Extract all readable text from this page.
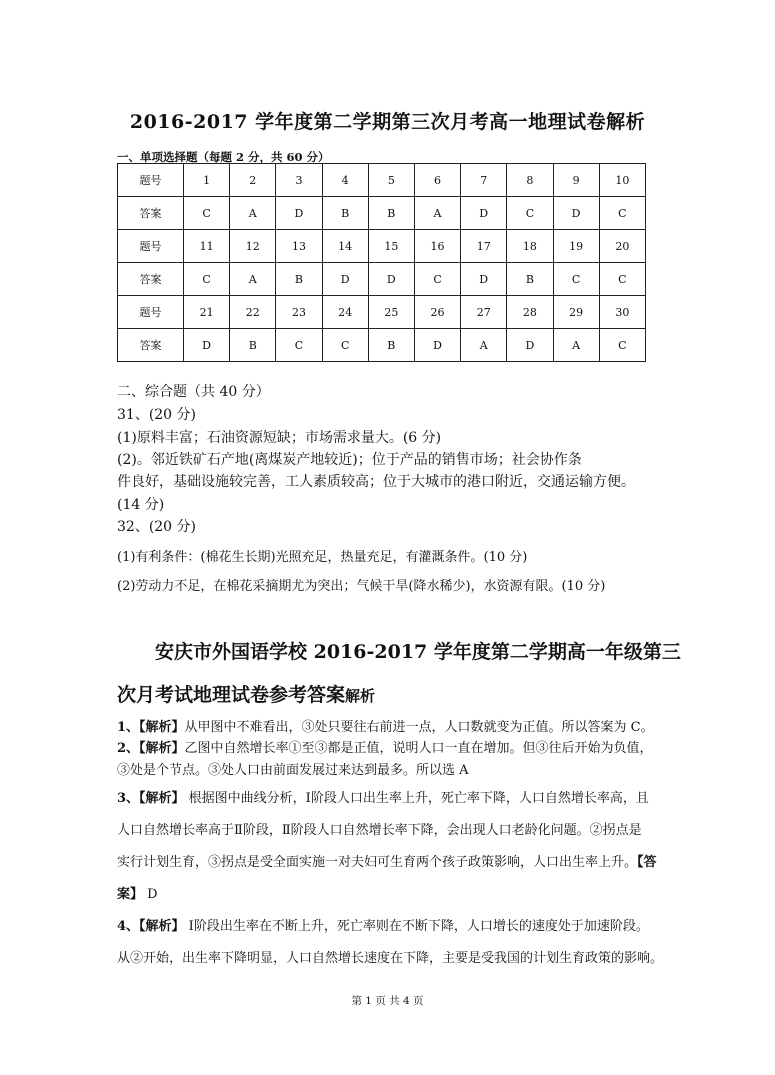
2016-2017 学年度第二学期第三次月考高一地理试卷解析
一、单项选择题（每题 2 分，共 60 分）
题号	1	2	3	4	5	6	7	8	9	10
答案	C	A	D	B	B	A	D	C	D	C
题号	11	12	13	14	15	16	17	18	19	20
答案	C	A	B	D	D	C	D	B	C	C
题号	21	22	23	24	25	26	27	28	29	30
答案	D	B	C	C	B	D	A	D	A	C
二、综合题（共 40 分）
31、(20 分)
(1)原料丰富；石油资源短缺；市场需求量大。(6 分)
(2)。邻近铁矿石产地(离煤炭产地较近)；位于产品的销售市场；社会协作条
件良好，基础设施较完善，工人素质较高；位于大城市的港口附近，交通运输方便。
(14 分)
32、(20 分)
(1)有利条件：(棉花生长期)光照充足，热量充足，有灌溉条件。(10 分)
(2)劳动力不足，在棉花采摘期尤为突出；气候干旱(降水稀少)，水资源有限。(10 分)
安庆市外国语学校 2016-2017 学年度第二学期高一年级第三
次月考试地理试卷参考答案解析
1、【解析】从甲图中不难看出，③处只要往右前进一点，人口数就变为正值。所以答案为 C。
2、【解析】乙图中自然增长率①至③都是正值，说明人口一直在增加。但③往后开始为负值，
③处是个节点。③处人口由前面发展过来达到最多。所以选 A
3、【解析】 根据图中曲线分析，Ⅰ阶段人口出生率上升，死亡率下降，人口自然增长率高，且
人口自然增长率高于Ⅱ阶段，Ⅱ阶段人口自然增长率下降，会出现人口老龄化问题。②拐点是
实行计划生育，③拐点是受全面实施一对夫妇可生育两个孩子政策影响，人口出生率上升。【答
案】 D
4、【解析】 Ⅰ阶段出生率在不断上升，死亡率则在不断下降，人口增长的速度处于加速阶段。
从②开始，出生率下降明显，人口自然增长速度在下降，主要是受我国的计划生育政策的影响。
第 1 页 共 4 页
